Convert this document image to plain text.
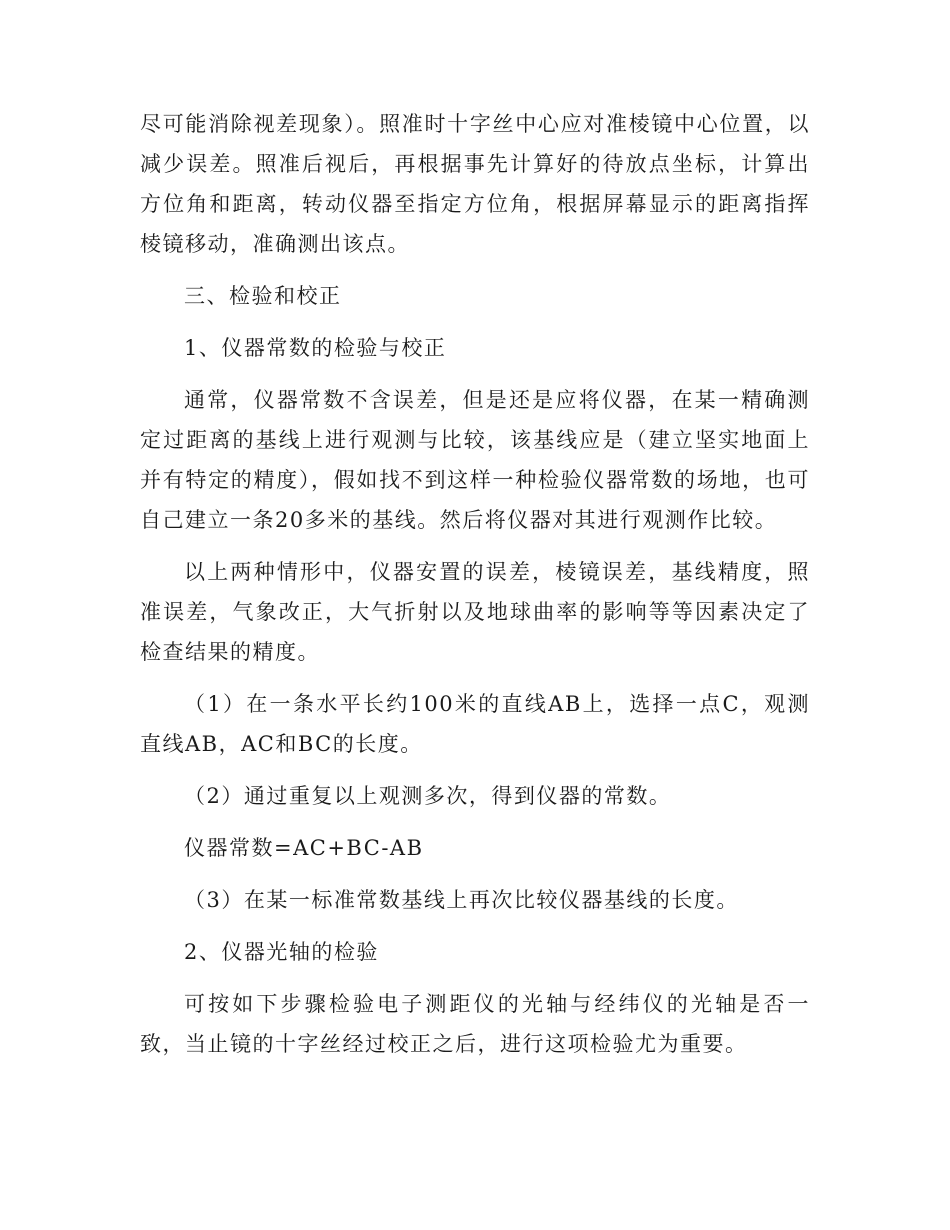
尽可能消除视差现象）。照准时十字丝中心应对准棱镜中心位置，以减少误差。照准后视后，再根据事先计算好的待放点坐标，计算出方位角和距离，转动仪器至指定方位角，根据屏幕显示的距离指挥棱镜移动，准确测出该点。

三、检验和校正

1、仪器常数的检验与校正

通常，仪器常数不含误差，但是还是应将仪器，在某一精确测定过距离的基线上进行观测与比较，该基线应是（建立坚实地面上并有特定的精度），假如找不到这样一种检验仪器常数的场地，也可自己建立一条20多米的基线。然后将仪器对其进行观测作比较。

以上两种情形中，仪器安置的误差，棱镜误差，基线精度，照准误差，气象改正，大气折射以及地球曲率的影响等等因素决定了检查结果的精度。

（1）在一条水平长约100米的直线AB上，选择一点C，观测直线AB，AC和BC的长度。

（2）通过重复以上观测多次，得到仪器的常数。

仪器常数=AC+BC-AB

（3）在某一标准常数基线上再次比较仪器基线的长度。

2、仪器光轴的检验

可按如下步骤检验电子测距仪的光轴与经纬仪的光轴是否一致，当止镜的十字丝经过校正之后，进行这项检验尤为重要。
